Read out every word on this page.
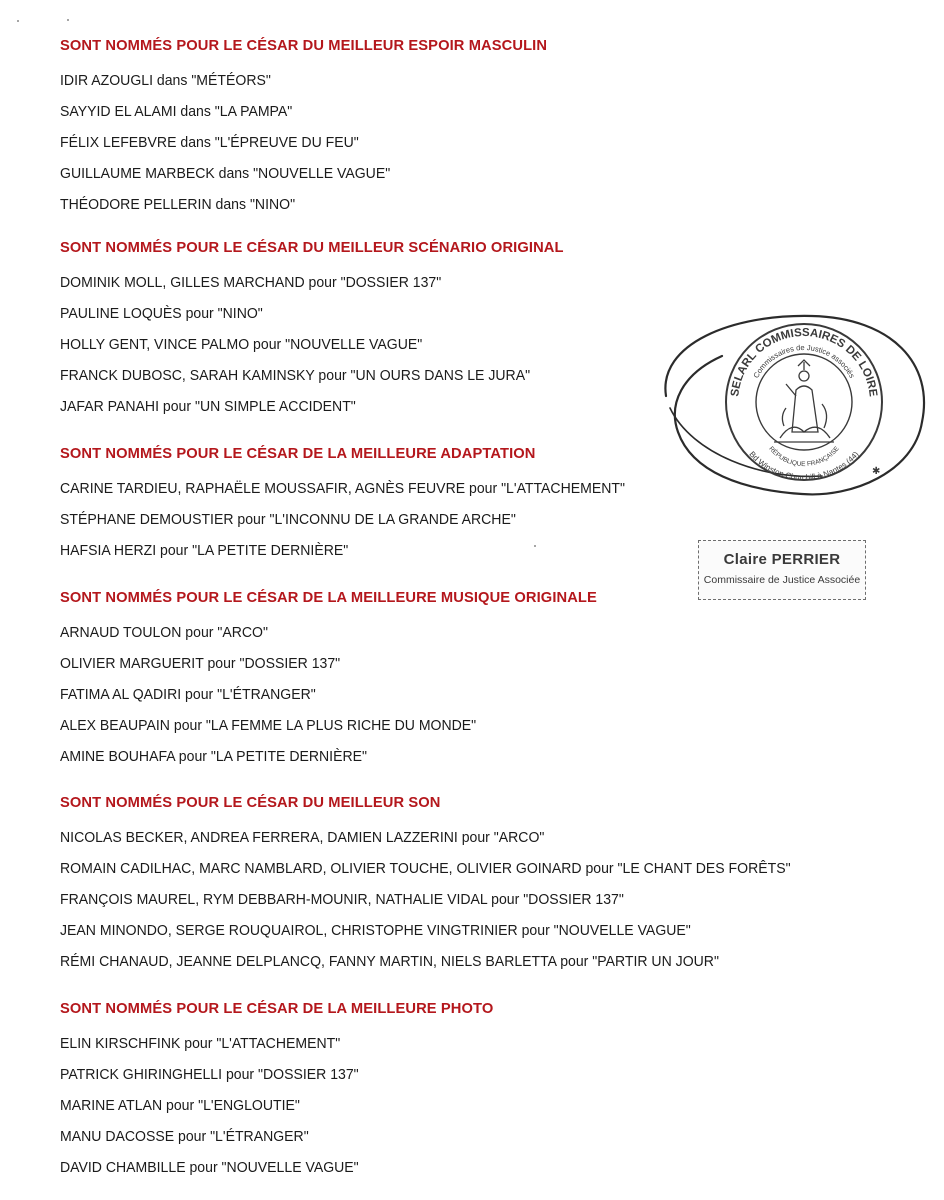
SONT NOMMÉS POUR LE CÉSAR DU MEILLEUR ESPOIR MASCULIN
IDIR AZOUGLI dans "MÉTÉORS"
SAYYID EL ALAMI dans "LA PAMPA"
FÉLIX LEFEBVRE dans "L'ÉPREUVE DU FEU"
GUILLAUME MARBECK dans "NOUVELLE VAGUE"
THÉODORE PELLERIN dans "NINO"
SONT NOMMÉS POUR LE CÉSAR DU MEILLEUR SCÉNARIO ORIGINAL
DOMINIK MOLL, GILLES MARCHAND pour "DOSSIER 137"
PAULINE LOQUÈS pour "NINO"
HOLLY GENT, VINCE PALMO pour "NOUVELLE VAGUE"
FRANCK DUBOSC, SARAH KAMINSKY pour "UN OURS DANS LE JURA"
JAFAR PANAHI pour "UN SIMPLE ACCIDENT"
SONT NOMMÉS POUR LE CÉSAR DE LA MEILLEURE ADAPTATION
CARINE TARDIEU, RAPHAËLE MOUSSAFIR, AGNÈS FEUVRE pour "L'ATTACHEMENT"
STÉPHANE DEMOUSTIER pour "L'INCONNU DE LA GRANDE ARCHE"
HAFSIA HERZI pour "LA PETITE DERNIÈRE"
SONT NOMMÉS POUR LE CÉSAR DE LA MEILLEURE MUSIQUE ORIGINALE
ARNAUD TOULON pour "ARCO"
OLIVIER MARGUERIT pour "DOSSIER 137"
FATIMA AL QADIRI pour "L'ÉTRANGER"
ALEX BEAUPAIN pour "LA FEMME LA PLUS RICHE DU MONDE"
AMINE BOUHAFA pour "LA PETITE DERNIÈRE"
SONT NOMMÉS POUR LE CÉSAR DU MEILLEUR SON
NICOLAS BECKER, ANDREA FERRERA, DAMIEN LAZZERINI pour "ARCO"
ROMAIN CADILHAC, MARC NAMBLARD, OLIVIER TOUCHE, OLIVIER GOINARD pour "LE CHANT DES FORÊTS"
FRANÇOIS MAUREL, RYM DEBBARH-MOUNIR, NATHALIE VIDAL pour "DOSSIER 137"
JEAN MINONDO, SERGE ROUQUAIROL, CHRISTOPHE VINGTRINIER pour "NOUVELLE VAGUE"
RÉMI CHANAUD, JEANNE DELPLANCQ, FANNY MARTIN, NIELS BARLETTA pour "PARTIR UN JOUR"
SONT NOMMÉS POUR LE CÉSAR DE LA MEILLEURE PHOTO
ELIN KIRSCHFINK pour "L'ATTACHEMENT"
PATRICK GHIRINGHELLI pour "DOSSIER 137"
MARINE ATLAN pour "L'ENGLOUTIE"
MANU DACOSSE pour "L'ÉTRANGER"
DAVID CHAMBILLE pour "NOUVELLE VAGUE"
SELARL COMMISSAIRES DE LOIRE
Commissaires de Justice associés
RÉPUBLIQUE FRANÇAISE
Bd Winston Churchill à Nantes (44)
✱
Claire PERRIER
Commissaire de Justice Associée
